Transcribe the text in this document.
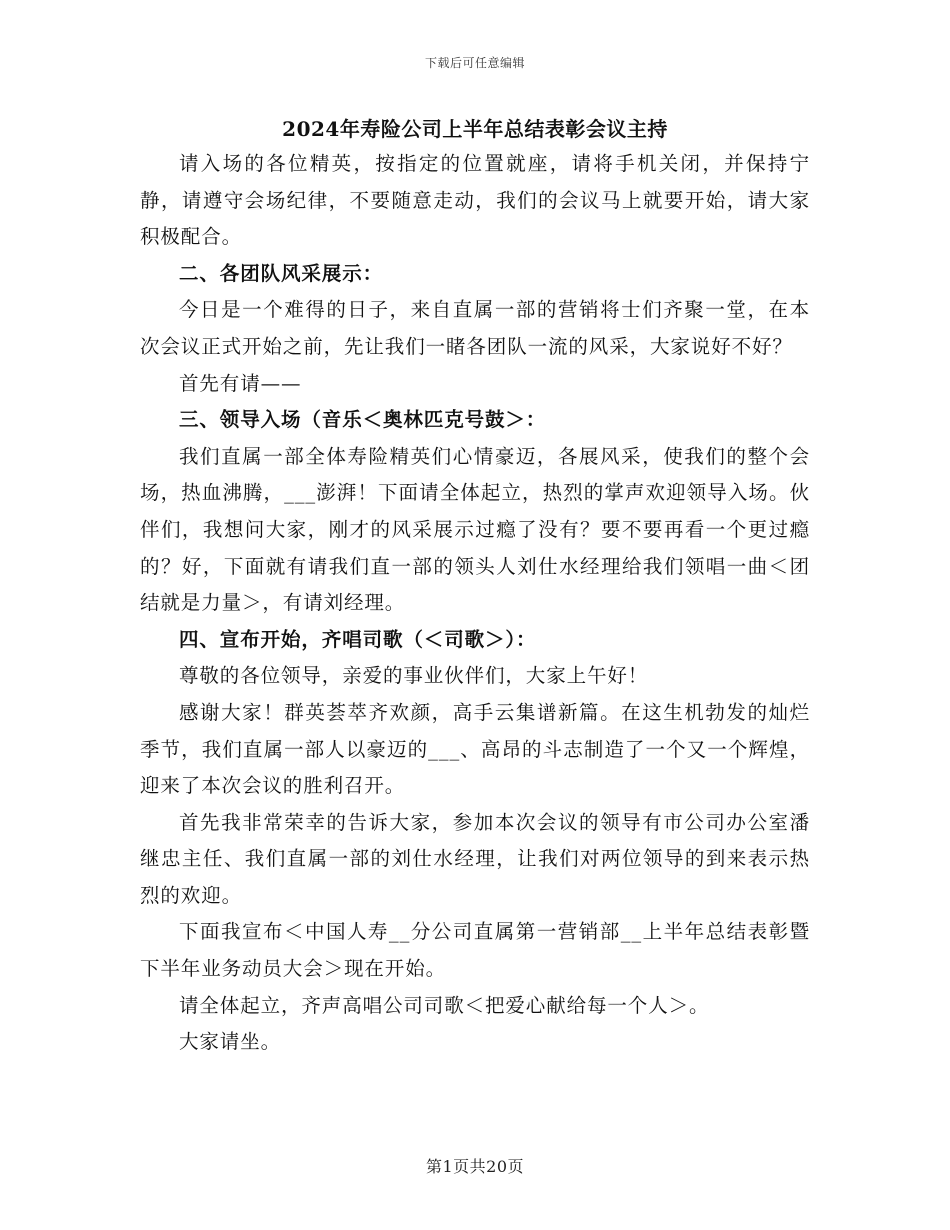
下载后可任意编辑
2024年寿险公司上半年总结表彰会议主持

请入场的各位精英，按指定的位置就座，请将手机关闭，并保持宁静，请遵守会场纪律，不要随意走动，我们的会议马上就要开始，请大家积极配合。

二、各团队风采展示：

今日是一个难得的日子，来自直属一部的营销将士们齐聚一堂，在本次会议正式开始之前，先让我们一睹各团队一流的风采，大家说好不好？

首先有请——

三、领导入场（音乐＜奥林匹克号鼓＞：

我们直属一部全体寿险精英们心情豪迈，各展风采，使我们的整个会场，热血沸腾，___澎湃！下面请全体起立，热烈的掌声欢迎领导入场。伙伴们，我想问大家，刚才的风采展示过瘾了没有？要不要再看一个更过瘾的？好，下面就有请我们直一部的领头人刘仕水经理给我们领唱一曲＜团结就是力量＞，有请刘经理。

四、宣布开始，齐唱司歌（＜司歌＞）：

尊敬的各位领导，亲爱的事业伙伴们，大家上午好！

感谢大家！群英荟萃齐欢颜，高手云集谱新篇。在这生机勃发的灿烂季节，我们直属一部人以豪迈的___、高昂的斗志制造了一个又一个辉煌，迎来了本次会议的胜利召开。

首先我非常荣幸的告诉大家，参加本次会议的领导有市公司办公室潘继忠主任、我们直属一部的刘仕水经理，让我们对两位领导的到来表示热烈的欢迎。

下面我宣布＜中国人寿__分公司直属第一营销部__上半年总结表彰暨下半年业务动员大会＞现在开始。

请全体起立，齐声高唱公司司歌＜把爱心献给每一个人＞。

大家请坐。

第1页共20页
